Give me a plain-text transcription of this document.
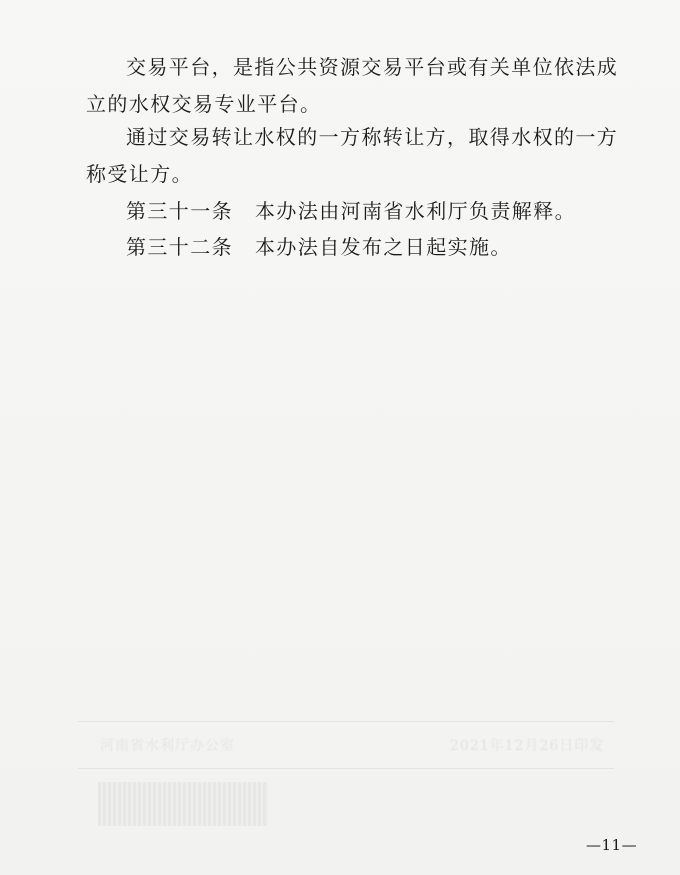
交易平台，是指公共资源交易平台或有关单位依法成立的水权交易专业平台。

通过交易转让水权的一方称转让方，取得水权的一方称受让方。

第三十一条 本办法由河南省水利厅负责解释。

第三十二条 本办法自发布之日起实施。

河南省水利厅办公室	2021年12月26日印发
—11—
